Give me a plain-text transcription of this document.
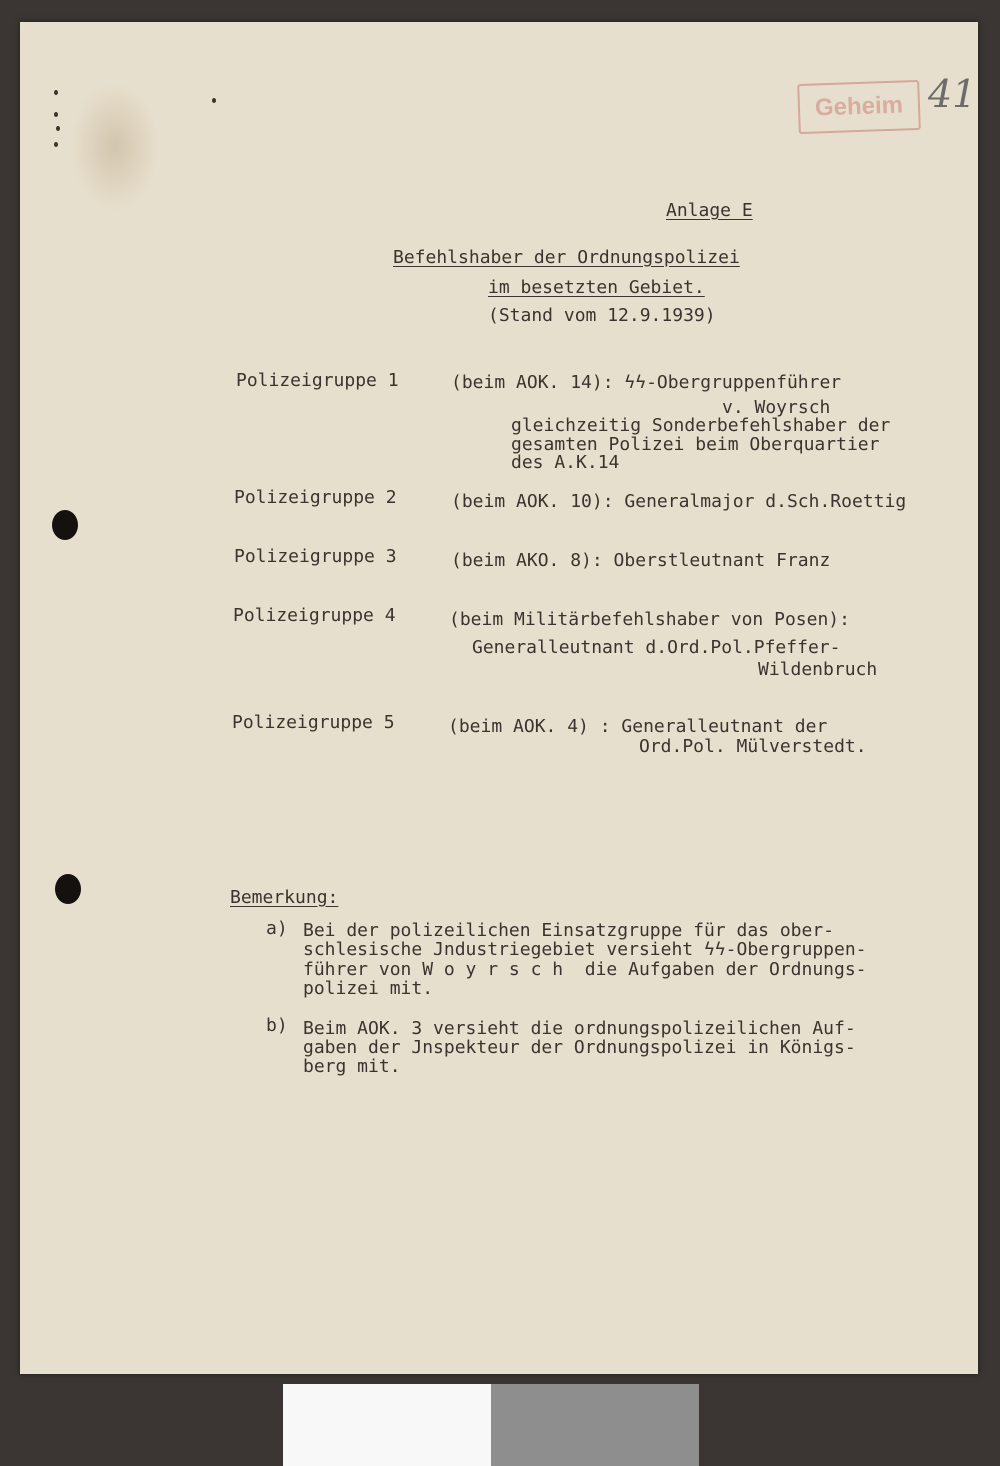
Geheim 41
Anlage E
Befehlshaber der Ordnungspolizei
im besetzten Gebiet.
(Stand vom 12.9.1939)
Polizeigruppe 1	(beim AOK. 14): ϟϟ-Obergruppenführer
v. Woyrsch
gleichzeitig Sonderbefehlshaber der
gesamten Polizei beim Oberquartier
des A.K.14
Polizeigruppe 2	(beim AOK. 10): Generalmajor d.Sch.Roettig
Polizeigruppe 3	(beim AKO. 8): Oberstleutnant Franz
Polizeigruppe 4	(beim Militärbefehlshaber von Posen):
Generalleutnant d.Ord.Pol.Pfeffer-
Wildenbruch
Polizeigruppe 5	(beim AOK. 4) : Generalleutnant der
Ord.Pol. Mülverstedt.
Bemerkung:
a) Bei der polizeilichen Einsatzgruppe für das ober-
schlesische Jndustriegebiet versieht ϟϟ-Obergruppen-
führer von W o y r s c h  die Aufgaben der Ordnungs-
polizei mit.
b) Beim AOK. 3 versieht die ordnungspolizeilichen Auf-
gaben der Jnspekteur der Ordnungspolizei in Königs-
berg mit.
